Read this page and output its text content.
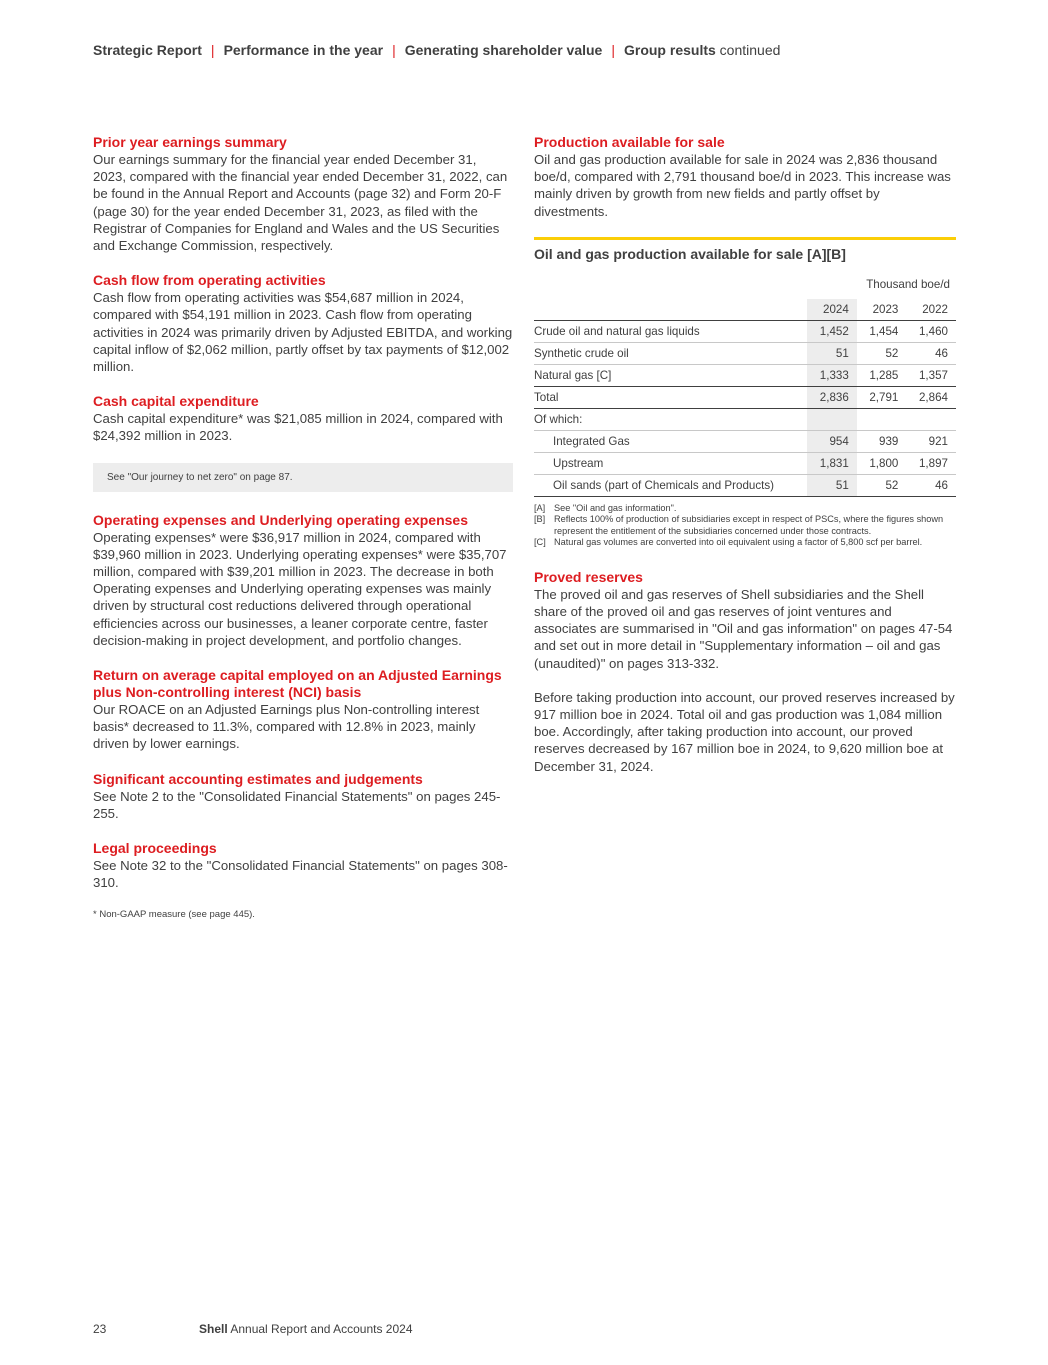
Strategic Report | Performance in the year | Generating shareholder value | Group results continued
Prior year earnings summary

Our earnings summary for the financial year ended December 31, 2023, compared with the financial year ended December 31, 2022, can be found in the Annual Report and Accounts (page 32) and Form 20-F (page 30) for the year ended December 31, 2023, as filed with the Registrar of Companies for England and Wales and the US Securities and Exchange Commission, respectively.

Cash flow from operating activities

Cash flow from operating activities was $54,687 million in 2024, compared with $54,191 million in 2023. Cash flow from operating activities in 2024 was primarily driven by Adjusted EBITDA, and working capital inflow of $2,062 million, partly offset by tax payments of $12,002 million.

Cash capital expenditure

Cash capital expenditure* was $21,085 million in 2024, compared with $24,392 million in 2023.

See "Our journey to net zero" on page 87.
Operating expenses and Underlying operating expenses

Operating expenses* were $36,917 million in 2024, compared with $39,960 million in 2023. Underlying operating expenses* were $35,707 million, compared with $39,201 million in 2023. The decrease in both Operating expenses and Underlying operating expenses was mainly driven by structural cost reductions delivered through operational efficiencies across our businesses, a leaner corporate centre, faster decision-making in project development, and portfolio changes.

Return on average capital employed on an Adjusted Earnings plus Non-controlling interest (NCI) basis

Our ROACE on an Adjusted Earnings plus Non-controlling interest basis* decreased to 11.3%, compared with 12.8% in 2023, mainly driven by lower earnings.

Significant accounting estimates and judgements

See Note 2 to the "Consolidated Financial Statements" on pages 245-255.

Legal proceedings

See Note 32 to the "Consolidated Financial Statements" on pages 308-310.

* Non-GAAP measure (see page 445).
Production available for sale

Oil and gas production available for sale in 2024 was 2,836 thousand boe/d, compared with 2,791 thousand boe/d in 2023. This increase was mainly driven by growth from new fields and partly offset by divestments.

Oil and gas production available for sale [A][B]
Thousand boe/d			
	2024	2023	2022
Crude oil and natural gas liquids	1,452	1,454	1,460
Synthetic crude oil	51	52	46
Natural gas [C]	1,333	1,285	1,357
Total	2,836	2,791	2,864
Of which:			
Integrated Gas	954	939	921
Upstream	1,831	1,800	1,897
Oil sands (part of Chemicals and Products)	51	52	46
[A] See "Oil and gas information".
[B] Reflects 100% of production of subsidiaries except in respect of PSCs, where the figures shown represent the entitlement of the subsidiaries concerned under those contracts.
[C] Natural gas volumes are converted into oil equivalent using a factor of 5,800 scf per barrel.
Proved reserves

The proved oil and gas reserves of Shell subsidiaries and the Shell share of the proved oil and gas reserves of joint ventures and associates are summarised in "Oil and gas information" on pages 47-54 and set out in more detail in "Supplementary information – oil and gas (unaudited)" on pages 313-332.

Before taking production into account, our proved reserves increased by 917 million boe in 2024. Total oil and gas production was 1,084 million boe. Accordingly, after taking production into account, our proved reserves decreased by 167 million boe in 2024, to 9,620 million boe at December 31, 2024.

23	Shell Annual Report and Accounts 2024
